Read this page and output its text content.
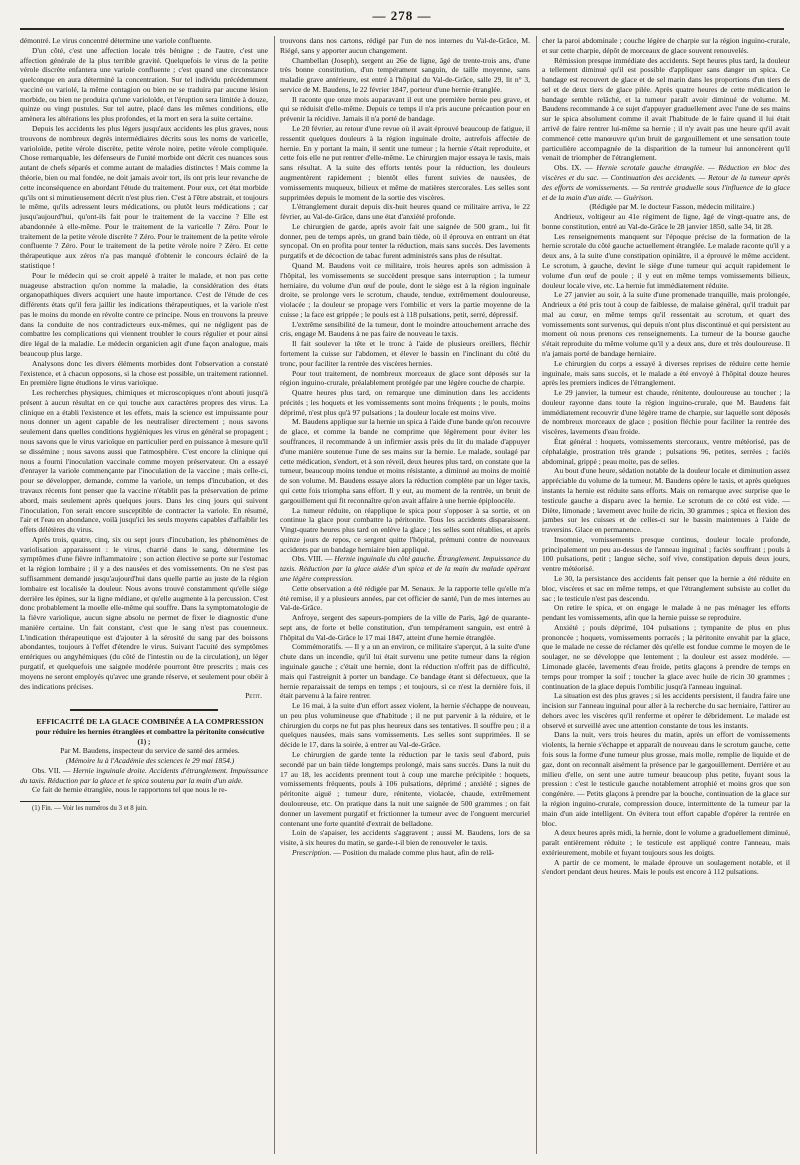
— 278 —

démontré. Le virus concentré détermine une variole confluente.

D'un côté, c'est une affection locale très bénigne ; de l'autre, c'est une affection générale de la plus terrible gravité. Quelquefois le virus de la petite vérole discrète enfantera une variole confluente ; c'est quand une circonstance quelconque en aura déterminé la concentration. Sur tel individu précédemment vacciné ou variolé, la même contagion ou bien ne se traduira par aucune lésion morbide, ou bien ne produira qu'une varioloïde, et l'éruption sera limitée à douze, quinze ou vingt pustules. Sur tel autre, placé dans les mêmes conditions, elle amènera les altérations les plus profondes, et la mort en sera la suite certaine.

Depuis les accidents les plus légers jusqu'aux accidents les plus graves, nous trouvons de nombreux degrés intermédiaires décrits sous les noms de varicelle, varioloïde, petite vérole discrète, petite vérole noire, petite vérole compliquée. Chose remarquable, les défenseurs de l'unité morbide ont décrit ces nuances sous autant de chefs séparés et comme autant de maladies distinctes ! Mais comme la théorie, bien ou mal fondée, ne doit jamais avoir tort, ils ont pris leur revanche de cette inconséquence en abordant l'étude du traitement. Pour eux, cet état morbide qu'ils ont si minutieusement décrit n'est plus rien. C'est à l'être abstrait, et toujours le même, qu'ils adressent leurs médications, ou plutôt leurs médications ; car jusqu'aujourd'hui, qu'ont-ils fait pour le traitement de la vaccine ? Elle est abandonnée à elle-même. Pour le traitement de la varicelle ? Zéro. Pour le traitement de la petite vérole discrète ? Zéro. Pour le traitement de la petite vérole confluente ? Zéro. Pour le traitement de la petite vérole noire ? Zéro. Et cette thérapeutique aux zéros n'a pas manqué d'obtenir le concours éclairé de la statistique !

Pour le médecin qui se croit appelé à traiter le malade, et non pas cette nuageuse abstraction qu'on nomme la maladie, la considération des états organopathiques divers acquiert une haute importance. C'est de l'étude de ces différents états qu'il fera jaillir les indications thérapeutiques, et la variole n'est pas le moins du monde en révolte contre ce principe. Nous en trouvons la preuve dans la conduite de nos contradicteurs eux-mêmes, qui ne négligent pas de combattre les complications qui viennent troubler le cours régulier et pour ainsi dire légal de la maladie. Le médecin organicien agit d'une façon analogue, mais beaucoup plus large.

Analysons donc les divers éléments morbides dont l'observation a constaté l'existence, et à chacun opposons, si la chose est possible, un traitement rationnel. En première ligne étudions le virus varioïque.

Les recherches physiques, chimiques et microscopiques n'ont abouti jusqu'à présent à aucun résultat en ce qui touche aux caractères propres des virus. La clinique en a établi l'existence et les effets, mais la science est impuissante pour nous donner un agent capable de les neutraliser directement ; nous savons seulement dans quelles conditions hygiéniques les virus en général se propagent ; nous savons que le virus varioïque en particulier perd en puissance à mesure qu'il se dissémine ; nous savons aussi que l'atmosphère. C'est encore la clinique qui nous a fourni l'inoculation vaccinale comme moyen préservateur. On a essayé d'enrayer la variole commençante par l'inoculation de la vaccine ; mais celle-ci, pour se développer, demande, comme la variole, un temps d'incubation, et des travaux récents font penser que la vaccine n'établit pas la préservation de prime abord, mais seulement après quelques jours. Dans les cinq jours qui suivent l'inoculation, l'on serait encore susceptible de contracter la variole. En résumé, l'air et l'eau en abondance, voilà jusqu'ici les seuls moyens capables d'affaiblir les effets délétères du virus.

Après trois, quatre, cinq, six ou sept jours d'incubation, les phénomènes de variolisation apparaissent : le virus, charrié dans le sang, détermine les symptômes d'une fièvre inflammatoire ; son action élective se porte sur l'estomac et la région lombaire ; il y a des nausées et des vomissements. On ne s'est pas suffisamment demandé jusqu'aujourd'hui dans quelle partie au juste de la région lombaire est localisée la douleur. Nous avons trouvé constamment qu'elle siège derrière les épines, sur la ligne médiane, et qu'elle augmente à la percussion. C'est donc probablement la moelle elle-même qui souffre. Dans la symptomatologie de la fièvre variolique, aucun signe absolu ne permet de fixer le diagnostic d'une manière certaine. Un fait constant, c'est que le sang n'est pas couenneux. L'indication thérapeutique est d'ajouter à la sérosité du sang par des boissons abondantes, toujours à l'effet d'étendre le virus. Suivant l'acuité des symptômes entériques ou angyhémiques (du côté de l'intestin ou de la circulation), un léger purgatif, et quelquefois une saignée modérée pourront être prescrits ; mais ces moyens ne seront employés qu'avec une grande réserve, et seulement pour obéir à des indications précises.

Petit.

EFFICACITÉ DE LA GLACE COMBINÉE A LA COMPRESSION

pour réduire les hernies étranglées et combattre la péritonite consécutive (1) ;

Par M. Baudens, inspecteur du service de santé des armées.

(Mémoire lu à l'Académie des sciences le 29 mai 1854.)

Obs. VII. — Hernie inguinale droite. Accidents d'étranglement. Impuissance du taxis. Réduction par la glace et le spica soutenu par la main d'un aide.

Ce fait de hernie étranglée, nous le rapportons tel que nous le re-

(1) Fin. — Voir les numéros du 3 et 8 juin.

trouvons dans nos cartons, rédigé par l'un de nos internes du Val-de-Grâce, M. Riégé, sans y apporter aucun changement.

Chambellan (Joseph), sergent au 26e de ligne, âgé de trente-trois ans, d'une très bonne constitution, d'un tempérament sanguin, de taille moyenne, sans maladie grave antérieure, est entré à l'hôpital du Val-de-Grâce, salle 29, lit n° 3, service de M. Baudens, le 22 février 1847, porteur d'une hernie étranglée.

Il raconte que onze mois auparavant il eut une première hernie peu grave, et qui se réduisit d'elle-même. Depuis ce temps il n'a pris aucune précaution pour en prévenir la récidive. Jamais il n'a porté de bandage.

Le 20 février, au retour d'une revue où il avait éprouvé beaucoup de fatigue, il ressentit quelques douleurs à la région inguinale droite, autrefois affectée de hernie. En y portant la main, il sentit une tumeur ; la hernie s'était reproduite, et cette fois elle ne put rentrer d'elle-même. Le chirurgien major essaya le taxis, mais sans résultat. A la suite des efforts tentés pour la réduction, les douleurs augmentèrent rapidement ; bientôt elles furent suivies de nausées, de vomissements muqueux, bilieux et même de matières stercorales. Les selles sont supprimées depuis le moment de la sortie des viscères.

L'étranglement durait depuis dix-huit heures quand ce militaire arriva, le 22 février, au Val-de-Grâce, dans une état d'anxiété profonde.

Le chirurgien de garde, après avoir fait une saignée de 500 gram., lui fit donner, peu de temps après, un grand bain tiède, où il éprouva en entrant un état syncopal. On en profita pour tenter la réduction, mais sans succès. Des lavements purgatifs et de décoction de tabac furent administrés sans plus de résultat.

Quand M. Baudens voit ce militaire, trois heures après son admission à l'hôpital, les vomissements se succèdent presque sans interruption ; la tumeur herniaire, du volume d'un œuf de poule, dont le siège est à la région inguinale droite, se prolonge vers le scrotum, chaude, tendue, extrêmement douloureuse, violacée ; la douleur se propage vers l'ombilic et vers la partie moyenne de la cuisse ; la face est grippée ; le pouls est à 118 pulsations, petit, serré, dépressif.

L'extrême sensibilité de la tumeur, dont le moindre attouchement arrache des cris, engage M. Baudens à ne pas faire de nouveau le taxis.

Il fait soulever la tête et le tronc à l'aide de plusieurs oreillers, fléchir fortement la cuisse sur l'abdomen, et élever le bassin en l'inclinant du côté du tronc, pour faciliter la rentrée des viscères hernies.

Pour tout traitement, de nombreux morceaux de glace sont déposés sur la région inguino-crurale, préalablement protégée par une légère couche de charpie.

Quatre heures plus tard, on remarque une diminution dans les accidents précités ; les hoquets et les vomissements sont moins fréquents ; le pouls, moins déprimé, n'est plus qu'à 97 pulsations ; la douleur locale est moins vive.

M. Baudens applique sur la hernie un spica à l'aide d'une bande qu'on recouvre de glace, et comme la bande ne comprime que légèrement pour éviter les souffrances, il recommande à un infirmier assis près du lit du malade d'appuyer d'une manière soutenue l'une de ses mains sur la hernie. Le malade, soulagé par cette médication, s'endort, et à son réveil, deux heures plus tard, on constate que la tumeur, beaucoup moins tendue et moins résistante, a diminué au moins de moitié de son volume. M. Baudens essaye alors la réduction complète par un léger taxis, qui cette fois triompha sans effort. Il y eut, au moment de la rentrée, un bruit de gargouillement qui fit reconnaître qu'on avait affaire à une hernie épiploocèle.

La tumeur réduite, on réapplique le spica pour s'opposer à sa sortie, et on continue la glace pour combattre la péritonite. Tous les accidents disparaissent. Vingt-quatre heures plus tard on enlève la glace ; les selles sont rétablies, et après quinze jours de repos, ce sergent quitte l'hôpital, prémuni contre de nouveaux accidents par un bandage herniaire bien appliqué.

Obs. VIII. — Hernie inguinale du côté gauche. Étranglement. Impuissance du taxis. Réduction par la glace aidée d'un spica et de la main du malade opérant une légère compression.

Cette observation a été rédigée par M. Senaux. Je la rapporte telle qu'elle m'a été remise, il y a plusieurs années, par cet officier de santé, l'un de mes internes au Val-de-Grâce.

Anfroye, sergent des sapeurs-pompiers de la ville de Paris, âgé de quarante-sept ans, de forte et belle constitution, d'un tempérament sanguin, est entré à l'hôpital du Val-de-Grâce le 17 mai 1847, atteint d'une hernie étranglée.

Commémoratifs. — Il y a un an environ, ce militaire s'aperçut, à la suite d'une chute dans un incendie, qu'il lui était survenu une petite tumeur dans la région inguinale gauche ; c'était une hernie, dont la réduction n'offrit pas de difficulté, mais qui l'astreignit à porter un bandage. Ce bandage étant si défectueux, que la hernie reparaissait de temps en temps ; et toujours, si ce n'est la dernière fois, il était parvenu à la faire rentrer.

Le 16 mai, à la suite d'un effort assez violent, la hernie s'échappe de nouveau, un peu plus volumineuse que d'habitude ; il ne put parvenir à la réduire, et le chirurgien du corps ne fut pas plus heureux dans ses tentatives. Il souffre peu ; il a quelques nausées, mais sans vomissements. Les selles sont supprimées. Il se décide le 17, dans la soirée, à entrer au Val-de-Grâce.

Le chirurgien de garde tente la réduction par le taxis seul d'abord, puis secondé par un bain tiède longtemps prolongé, mais sans succès. Dans la nuit du 17 au 18, les accidents prennent tout à coup une marche précipitée : hoquets, vomissements fréquents, pouls à 106 pulsations, déprimé ; anxiété ; signes de péritonite aiguë ; tumeur dure, rénitente, violacée, chaude, extrêmement douloureuse, etc. On pratique dans la nuit une saignée de 500 grammes ; on fait donner un lavement purgatif et frictionner la tumeur avec de l'onguent mercuriel contenant une forte quantité d'extrait de belladone.

Loin de s'apaiser, les accidents s'aggravent ; aussi M. Baudens, lors de sa visite, à six heures du matin, se garde-t-il bien de renouveler le taxis.

Prescription. — Position du malade comme plus haut, afin de relâ-

cher la paroi abdominale ; couche légère de charpie sur la région inguino-crurale, et sur cette charpie, dépôt de morceaux de glace souvent renouvelés.

Rémission presque immédiate des accidents. Sept heures plus tard, la douleur a tellement diminué qu'il est possible d'appliquer sans danger un spica. Ce bandage est recouvert de glace et de sel marin dans les proportions d'un tiers de sel et de deux tiers de glace pilée. Après quatre heures de cette médication le bandage semble relâché, et la tumeur paraît avoir diminué de volume. M. Baudens recommande à ce sujet d'appuyer graduellement avec l'une de ses mains sur le spica absolument comme il avait l'habitude de le faire quand il lui était arrivé de faire rentrer lui-même sa hernie ; il n'y avait pas une heure qu'il avait commencé cette manœuvre qu'un bruit de gargouillement et une sensation toute particulière accompagnée de la disparition de la tumeur lui annoncèrent qu'il venait de triompher de l'étranglement.

Obs. IX. — Hernie scrotale gauche étranglée. — Réduction en bloc des viscères et du sac. — Continuation des accidents. — Retour de la tumeur après des efforts de vomissements. — Sa rentrée graduelle sous l'influence de la glace et de la main d'un aide. — Guérison.

(Rédigée par M. le docteur Fasson, médecin militaire.)

Andrieux, voltigeur au 41e régiment de ligne, âgé de vingt-quatre ans, de bonne constitution, entré au Val-de-Grâce le 28 janvier 1850, salle 34, lit 28.

Les renseignements manquent sur l'époque précise de la formation de la hernie scrotale du côté gauche actuellement étranglée. Le malade raconte qu'il y a deux ans, à la suite d'une constipation opiniâtre, il a éprouvé le même accident. Le scrotum, à gauche, devint le siège d'une tumeur qui acquit rapidement le volume d'un œuf de poule ; il y eut en même temps vomissements bilieux, douleur locale vive, etc. La hernie fut immédiatement réduite.

Le 27 janvier au soir, à la suite d'une promenade tranquille, mais prolongée, Andrieux a été pris tout à coup de faiblesse, de malaise général, qu'il traduit par mal au cœur, en même temps qu'il ressentait au scrotum, et quart des vomissements sont survenus, qui depuis n'ont plus discontinué et qui persistent au moment où nous prenons ces renseignements. La tumeur de la bourse gauche s'était reproduite du même volume qu'il y a deux ans, dure et très douloureuse. Il n'a jamais porté de bandage herniaire.

Le chirurgien du corps a essayé à diverses reprises de réduire cette hernie inguinale, mais sans succès, et le malade a été envoyé à l'hôpital douze heures après les premiers indices de l'étranglement.

Le 29 janvier, la tumeur est chaude, rénitente, douloureuse au toucher ; la douleur rayonne dans toute la région inguino-crurale, que M. Baudens fait immédiatement recouvrir d'une légère trame de charpie, sur laquelle sont déposés de nombreux morceaux de glace ; position fléchie pour faciliter la rentrée des viscères, lavements d'eau froide.

État général : hoquets, vomissements stercoraux, ventre météorisé, pas de céphalalgie, prostration très grande ; pulsations 96, petites, serrées ; faciès abdominal, grippé ; peau moite, pas de selles.

Au bout d'une heure, sédation notable de la douleur locale et diminution assez appréciable du volume de la tumeur. M. Baudens opère le taxis, et après quelques instants la hernie est réduite sans efforts. Mais on remarque avec surprise que le testicule gauche a disparu avec la hernie. Le scrotum de ce côté est vide. — Diète, limonade ; lavement avec huile de ricin, 30 grammes ; spica et flexion des jambes sur les cuisses et de celles-ci sur le bassin maintenues à l'aide de traversins. Glace en permanence.

Insomnie, vomissements presque continus, douleur locale profonde, principalement un peu au-dessus de l'anneau inguinal ; faciès souffrant ; pouls à 100 pulsations, petit ; langue sèche, soif vive, constipation depuis deux jours, ventre météorisé.

Le 30, la persistance des accidents fait penser que la hernie a été réduite en bloc, viscères et sac en même temps, et que l'étranglement subsiste au collet du sac ; le testicule n'est pas descendu.

On retire le spica, et on engage le malade à ne pas ménager les efforts pendant les vomissements, afin que la hernie puisse se reproduire.

Anxiété ; pouls déprimé, 104 pulsations ; tympanite de plus en plus prononcée ; hoquets, vomissements porracés ; la péritonite envahit par la glace, que le malade ne cesse de réclamer dès qu'elle est fondue comme le moyen de le soulager, ne se développe que lentement ; la douleur est assez modérée. — Limonade glacée, lavements d'eau froide, petits glaçons à prendre de temps en temps pour tromper la soif ; toucher la glace avec huile de ricin 30 grammes ; continuation de la glace depuis l'ombilic jusqu'à l'anneau inguinal.

La situation est des plus graves ; si les accidents persistent, il faudra faire une incision sur l'anneau inguinal pour aller à la recherche du sac herniaire, l'attirer au dehors avec les viscères qu'il renferme et opérer le débridement. Le malade est observé et surveillé avec une attention constante de tous les instants.

Dans la nuit, vers trois heures du matin, après un effort de vomissements violents, la hernie s'échappe et apparaît de nouveau dans le scrotum gauche, cette fois sous la forme d'une tumeur plus grosse, mais molle, remplie de liquide et de gaz, dont on reconnaît aisément la présence par le gargouillement. Derrière et au milieu d'elle, on sent une autre tumeur beaucoup plus petite, fuyant sous la pression : c'est le testicule gauche notablement atrophié et moins gros que son congénère. — Petits glaçons à prendre par la bouche, continuation de la glace sur la région inguino-crurale, compression douce, intermittente de la tumeur par la main d'un aide intelligent. On évitera tout effort capable d'opérer la rentrée en bloc.

A deux heures après midi, la hernie, dont le volume a graduellement diminué, paraît entièrement réduite ; le testicule est appliqué contre l'anneau, mais extérieurement, mobile et fuyant toujours sous les doigts.

A partir de ce moment, le malade éprouve un soulagement notable, et il s'endort pendant deux heures. Mais le pouls est encore à 112 pulsations.
